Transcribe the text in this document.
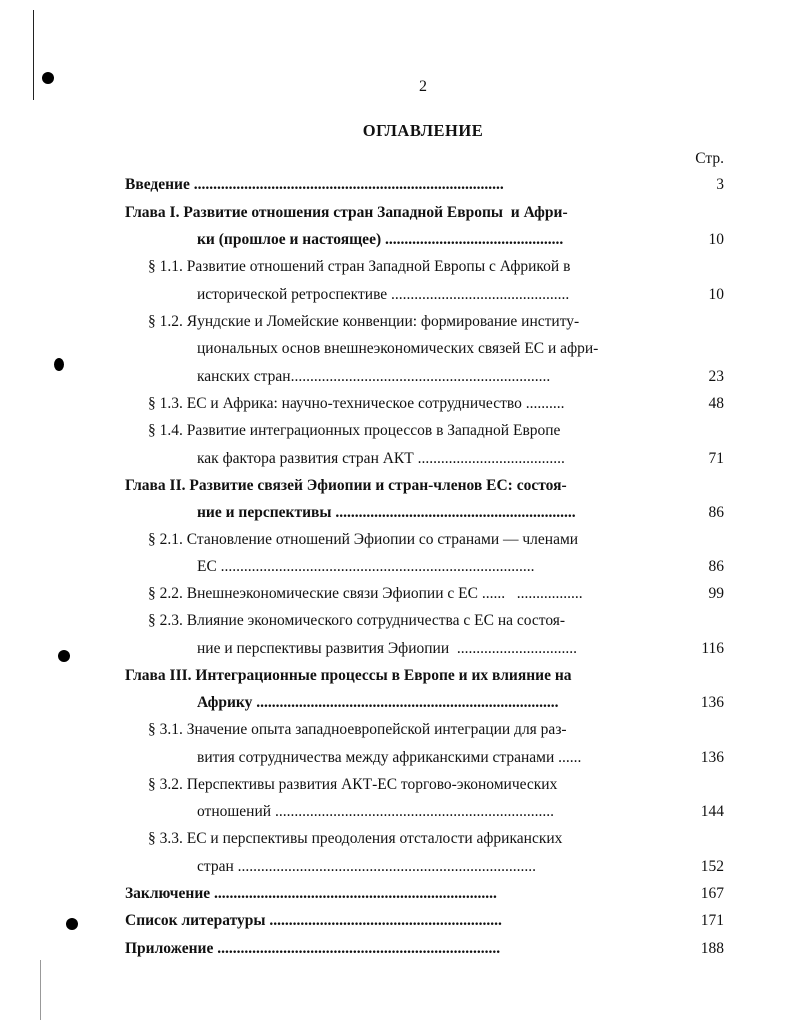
2
ОГЛАВЛЕНИЕ
Стр.
Введение ................................................................................	3
Глава I. Развитие отношения стран Западной Европы  и Афри-
ки (прошлое и настоящее) ..............................................	10
§ 1.1. Развитие отношений стран Западной Европы с Африкой в
исторической ретроспективе ..............................................	10
§ 1.2. Яундские и Ломейские конвенции: формирование институ-
циональных основ внешнеэкономических связей ЕС и афри-
канских стран...................................................................	23
§ 1.3. ЕС и Африка: научно-техническое сотрудничество ..........	48
§ 1.4. Развитие интеграционных процессов в Западной Европе
как фактора развития стран АКТ ......................................	71
Глава II. Развитие связей Эфиопии и стран-членов ЕС: состоя-
ние и перспективы ..............................................................	86
§ 2.1. Становление отношений Эфиопии со странами — членами
ЕС .................................................................................	86
§ 2.2. Внешнеэкономические связи Эфиопии с ЕС ......   .................	99
§ 2.3. Влияние экономического сотрудничества с ЕС на состоя-
ние и перспективы развития Эфиопии  ...............................	116
Глава III. Интеграционные процессы в Европе и их влияние на
Африку ..............................................................................	136
§ 3.1. Значение опыта западноевропейской интеграции для раз-
вития сотрудничества между африканскими странами ......	136
§ 3.2. Перспективы развития АКТ-ЕС торгово-экономических
отношений ........................................................................	144
§ 3.3. ЕС и перспективы преодоления отсталости африканских
стран .............................................................................	152
Заключение .........................................................................	167
Список литературы ............................................................	171
Приложение .........................................................................	188
